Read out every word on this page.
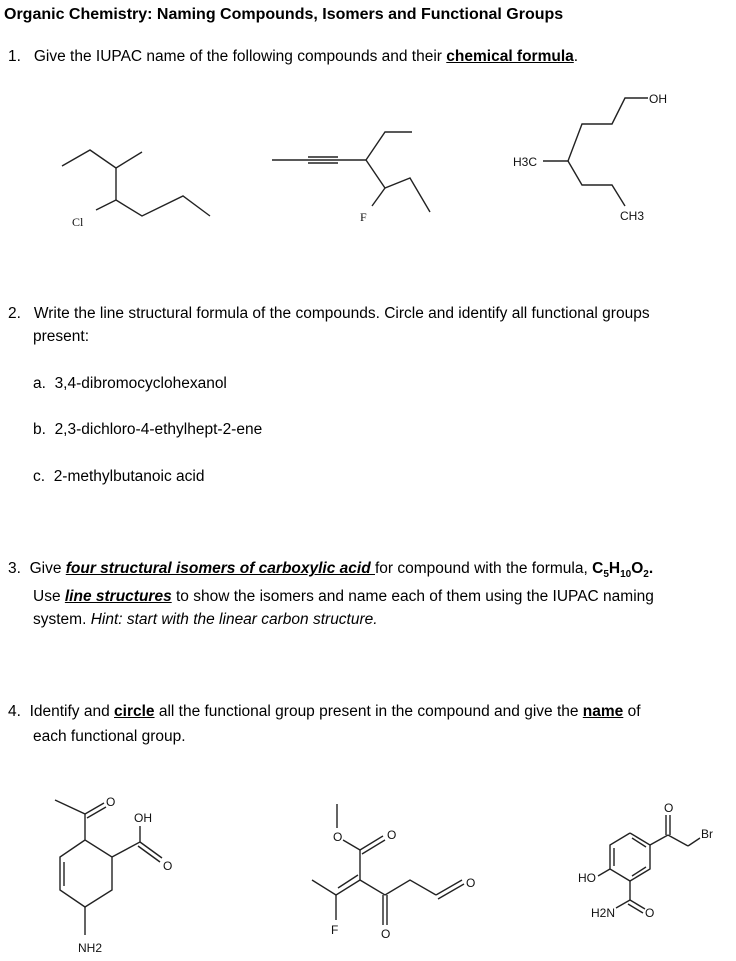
Organic Chemistry: Naming Compounds, Isomers and Functional Groups
1. Give the IUPAC name of the following compounds and their chemical formula.
Cl	F
H3C
OH
CH3
O
OH
O
NH2
O	O
F	O
O
O
Br
HO
O
H2N
2. Write the line structural formula of the compounds. Circle and identify all functional groups
present:
a. 3,4-dibromocyclohexanol
b. 2,3-dichloro-4-ethylhept-2-ene
c. 2-methylbutanoic acid
3. Give four structural isomers of carboxylic acid for compound with the formula, $C_5H_{10}O_2$.
Use line structures to show the isomers and name each of them using the IUPAC naming
system. Hint: start with the linear carbon structure.
4. Identify and circle all the functional group present in the compound and give the name of
each functional group.
